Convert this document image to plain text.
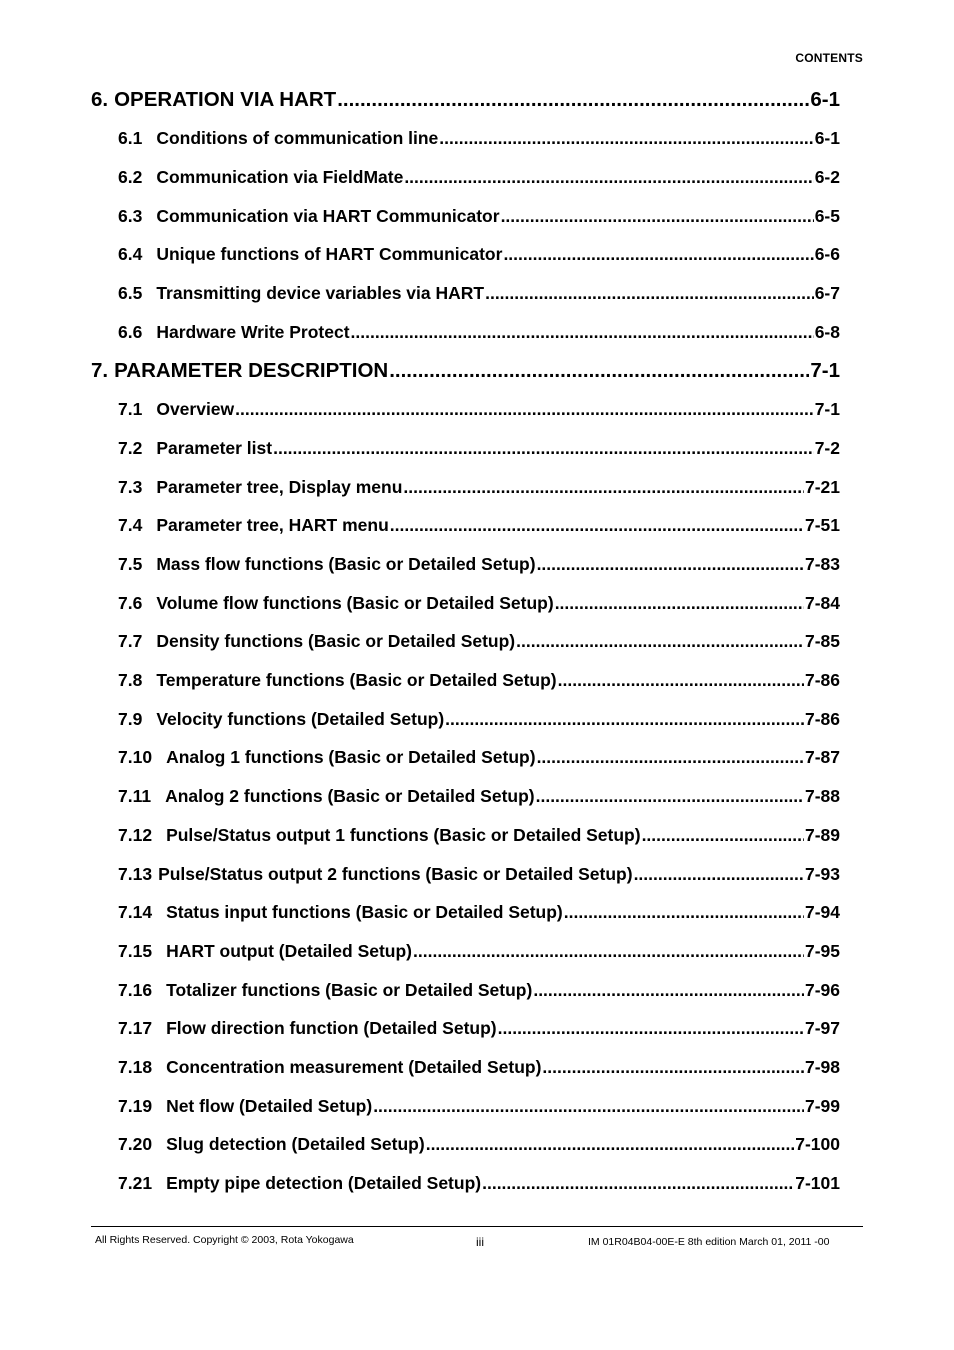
CONTENTS
6. OPERATION VIA HART .....	6-1
6.1 Conditions of communication line .....	6-1
6.2 Communication via FieldMate .....	6-2
6.3 Communication via HART Communicator .....	6-5
6.4 Unique functions of HART Communicator .....	6-6
6.5 Transmitting device variables via HART .....	6-7
6.6 Hardware Write Protect .....	6-8
7. PARAMETER DESCRIPTION .....	7-1
7.1 Overview .....	7-1
7.2 Parameter list .....	7-2
7.3 Parameter tree, Display menu .....	7-21
7.4 Parameter tree, HART menu .....	7-51
7.5 Mass flow functions (Basic or Detailed Setup) .....	7-83
7.6 Volume flow functions (Basic or Detailed Setup) .....	7-84
7.7 Density functions (Basic or Detailed Setup) .....	7-85
7.8 Temperature functions (Basic or Detailed Setup) .....	7-86
7.9 Velocity functions (Detailed Setup) .....	7-86
7.10 Analog 1 functions (Basic or Detailed Setup) .....	7-87
7.11 Analog 2 functions (Basic or Detailed Setup) .....	7-88
7.12 Pulse/Status output 1 functions (Basic or Detailed Setup) .....	7-89
7.13 Pulse/Status output 2 functions (Basic or Detailed Setup) .....	7-93
7.14 Status input functions (Basic or Detailed Setup) .....	7-94
7.15 HART output (Detailed Setup) .....	7-95
7.16 Totalizer functions (Basic or Detailed Setup) .....	7-96
7.17 Flow direction function (Detailed Setup) .....	7-97
7.18 Concentration measurement (Detailed Setup) .....	7-98
7.19 Net flow (Detailed Setup) .....	7-99
7.20 Slug detection (Detailed Setup) .....	7-100
7.21 Empty pipe detection (Detailed Setup) .....	7-101
All Rights Reserved. Copyright © 2003, Rota Yokogawa	iii	IM 01R04B04-00E-E 8th edition March 01, 2011 -00
